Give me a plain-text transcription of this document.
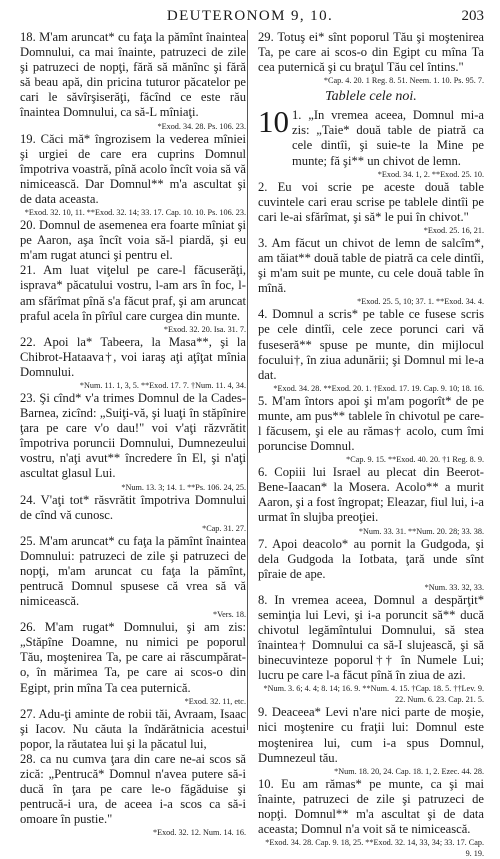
DEUTERONOM 9, 10.	203
18. M'am aruncat* cu faţa la pămînt înaintea Domnului, ca mai înainte, patruzeci de zile şi patruzeci de nopţi, fără să mănînc şi fără să beau apă, din pricina tuturor păcatelor pe cari le săvîrşiserăţi, făcînd ce este rău înaintea Domnului, ca să-L mîniaţi.
*Exod. 34. 28. Ps. 106. 23.
19. Căci mă* îngrozisem la vederea mîniei şi urgiei de care era cuprins Domnul împotriva voastră, pînă acolo încît voia să vă nimicească. Dar Domnul** m'a ascultat şi de data aceasta.
*Exod. 32. 10, 11. **Exod. 32. 14; 33. 17. Cap. 10. 10. Ps. 106. 23.
20. Domnul de asemenea era foarte mîniat şi pe Aaron, aşa încît voia să-l piardă, şi eu m'am rugat atunci şi pentru el.
21. Am luat viţelul pe care-l făcuserăţi, isprava* păcatului vostru, l-am ars în foc, l-am sfărîmat pînă s'a făcut praf, şi am aruncat praful acela în pîrîul care curgea din munte.
*Exod. 32. 20. Isa. 31. 7.
22. Apoi la* Tabeera, la Masa**, şi la Chibrot-Hataava†, voi iaraş aţi aţîţat mînia Domnului.
*Num. 11. 1, 3, 5. **Exod. 17. 7. †Num. 11. 4, 34.
23. Şi cînd* v'a trimes Domnul de la Cades-Barnea, zicînd: „Suiţi-vă, şi luaţi în stăpînire ţara pe care v'o dau!" voi v'aţi răzvrătit împotriva poruncii Domnului, Dumnezeului vostru, n'aţi avut** încredere în El, şi n'aţi ascultat glasul Lui.
*Num. 13. 3; 14. 1. **Ps. 106. 24, 25.
24. V'aţi tot* răsvrătit împotriva Domnului de cînd vă cunosc.
*Cap. 31. 27.
25. M'am aruncat* cu faţa la pămînt înaintea Domnului: patruzeci de zile şi patruzeci de nopţi, m'am aruncat cu faţa la pămînt, pentrucă Domnul spusese că vrea să vă nimicească.
*Vers. 18.
26. M'am rugat* Domnului, şi am zis: „Stăpîne Doamne, nu nimici pe poporul Tău, moştenirea Ta, pe care ai răscumpărat-o, în mărimea Ta, pe care ai scos-o din Egipt, prin mîna Ta cea puternică.
*Exod. 32. 11, etc.
27. Adu-ţi aminte de robii tăi, Avraam, Isaac şi Iacov. Nu căuta la îndărătnicia acestui popor, la răutatea lui şi la păcatul lui,
28. ca nu cumva ţara din care ne-ai scos să zică: „Pentrucă* Domnul n'avea putere să-i ducă în ţara pe care le-o făgăduise şi pentrucă-i ura, de aceea i-a scos ca să-i omoare în pustie."
*Exod. 32. 12. Num. 14. 16.
29. Totuş ei* sînt poporul Tău şi moştenirea Ta, pe care ai scos-o din Egipt cu mîna Ta cea puternică şi cu braţul Tău cel întins."
*Cap. 4. 20. 1 Reg. 8. 51. Neem. 1. 10. Ps. 95. 7.
Tablele cele noi.
10 1. „In vremea aceea, Domnul mi-a zis: „Taie* două table de piatră ca cele dintîi, şi suie-te la Mine pe munte; fă şi** un chivot de lemn.
*Exod. 34. 1, 2. **Exod. 25. 10.
2. Eu voi scrie pe aceste două table cuvintele cari erau scrise pe tablele dintîi pe cari le-ai sfărîmat, şi să* le pui în chivot."
*Exod. 25. 16, 21.
3. Am făcut un chivot de lemn de salcîm*, am tăiat** două table de piatră ca cele dintîi, şi m'am suit pe munte, cu cele două table în mînă.
*Exod. 25. 5, 10; 37. 1. **Exod. 34. 4.
4. Domnul a scris* pe table ce fusese scris pe cele dintîi, cele zece porunci cari vă fuseseră** spuse pe munte, din mijlocul focului†, în ziua adunării; şi Domnul mi le-a dat.
*Exod. 34. 28. **Exod. 20. 1. †Exod. 17. 19. Cap. 9. 10; 18. 16.
5. M'am întors apoi şi m'am pogorît* de pe munte, am pus** tablele în chivotul pe care-l făcusem, şi ele au rămas† acolo, cum îmi poruncise Domnul.
*Cap. 9. 15. **Exod. 40. 20. †1 Reg. 8. 9.
6. Copiii lui Israel au plecat din Beerot-Bene-Iaacan* la Mosera. Acolo** a murit Aaron, şi a fost îngropat; Eleazar, fiul lui, i-a urmat în slujba preoţiei.
*Num. 33. 31. **Num. 20. 28; 33. 38.
7. Apoi deacolo* au pornit la Gudgoda, şi dela Gudgoda la Iotbata, ţară unde sînt pîraie de ape.
*Num. 33. 32, 33.
8. In vremea aceea, Domnul a despărţit* seminţia lui Levi, şi i-a poruncit să** ducă chivotul legămîntului Domnului, să stea înaintea† Domnului ca să-I slujească, şi să binecuvinteze poporul†† în Numele Lui; lucru pe care l-a făcut pînă în ziua de azi.
*Num. 3. 6; 4. 4; 8. 14; 16. 9. **Num. 4. 15. †Cap. 18. 5. ††Lev. 9. 22. Num. 6. 23. Cap. 21. 5.
9. Deaceea* Levi n'are nici parte de moşie, nici moştenire cu fraţii lui: Domnul este moştenirea lui, cum i-a spus Domnul, Dumnezeul tău.
*Num. 18. 20, 24. Cap. 18. 1, 2. Ezec. 44. 28.
10. Eu am rămas* pe munte, ca şi mai înainte, patruzeci de zile şi patruzeci de nopţi. Domnul** m'a ascultat şi de data aceasta; Domnul n'a voit să te nimicească.
*Exod. 34. 28. Cap. 9. 18, 25. **Exod. 32. 14, 33, 34; 33. 17. Cap. 9. 19.
